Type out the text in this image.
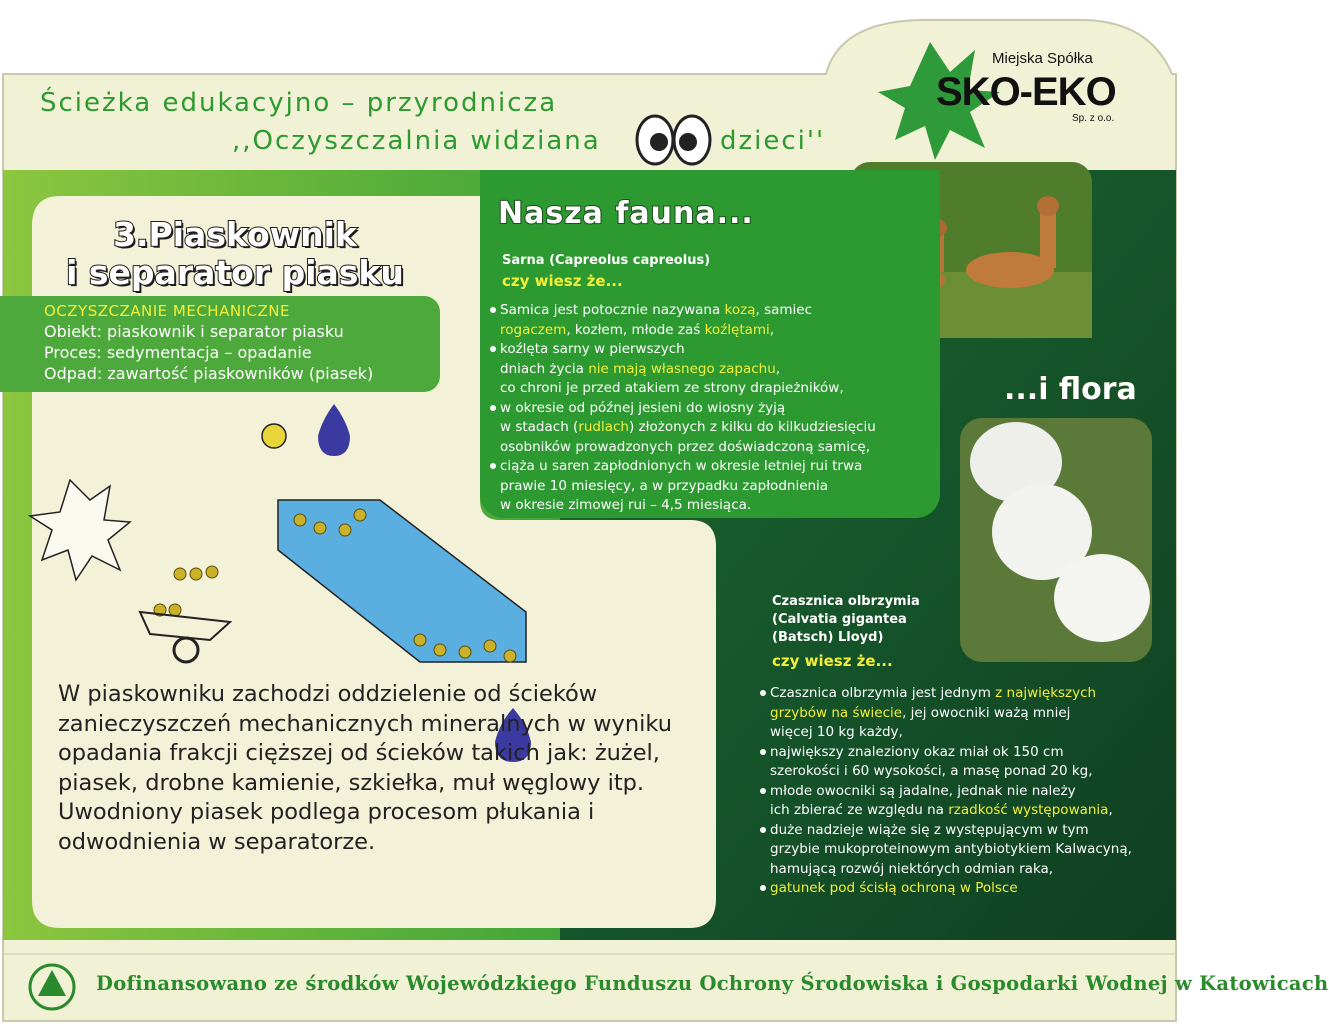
Ścieżka edukacyjno – przyrodnicza
,,Oczyszczalnia widziana	dzieci''
Miejska Spółka
SKO-EKO
Sp. z o.o.
3.Piaskownik
i separator piasku
OCZYSZCZANIE MECHANICZNE
Obiekt: piaskownik i separator piasku
Proces: sedymentacja – opadanie
Odpad: zawartość piaskowników (piasek)
W piaskowniku zachodzi oddzielenie od ścieków zanieczyszczeń mechanicznych mineralnych w wyniku opadania frakcji cięższej od ścieków takich jak: żużel, piasek, drobne kamienie, szkiełka, muł węglowy itp. Uwodniony piasek podlega procesom płukania i odwodnienia w separatorze.
Nasza fauna...
Sarna (Capreolus capreolus)
czy wiesz że...
Samica jest potocznie nazywana kozą, samiec
rogaczem, kozłem, młode zaś koźlętami,
koźlęta sarny w pierwszych
dniach życia nie mają własnego zapachu,
co chroni je przed atakiem ze strony drapieżników,
w okresie od późnej jesieni do wiosny żyją
w stadach (rudlach) złożonych z kilku do kilkudziesięciu
osobników prowadzonych przez doświadczoną samicę,
ciąża u saren zapłodnionych w okresie letniej rui trwa
prawie 10 miesięcy, a w przypadku zapłodnienia
w okresie zimowej rui – 4,5 miesiąca.
...i flora
Czasznica olbrzymia
(Calvatia gigantea
(Batsch) Lloyd)
czy wiesz że...
Czasznica olbrzymia jest jednym z największych
grzybów na świecie, jej owocniki ważą mniej
więcej 10 kg każdy,
największy znaleziony okaz miał ok 150 cm
szerokości i 60 wysokości, a masę ponad 20 kg,
młode owocniki są jadalne, jednak nie należy
ich zbierać ze względu na rzadkość występowania,
duże nadzieje wiąże się z występującym w tym
grzybie mukoproteinowym antybiotykiem Kalwacyną,
hamującą rozwój niektórych odmian raka,
gatunek pod ścisłą ochroną w Polsce
Dofinansowano ze środków Wojewódzkiego Funduszu Ochrony Środowiska i Gospodarki Wodnej w Katowicach
